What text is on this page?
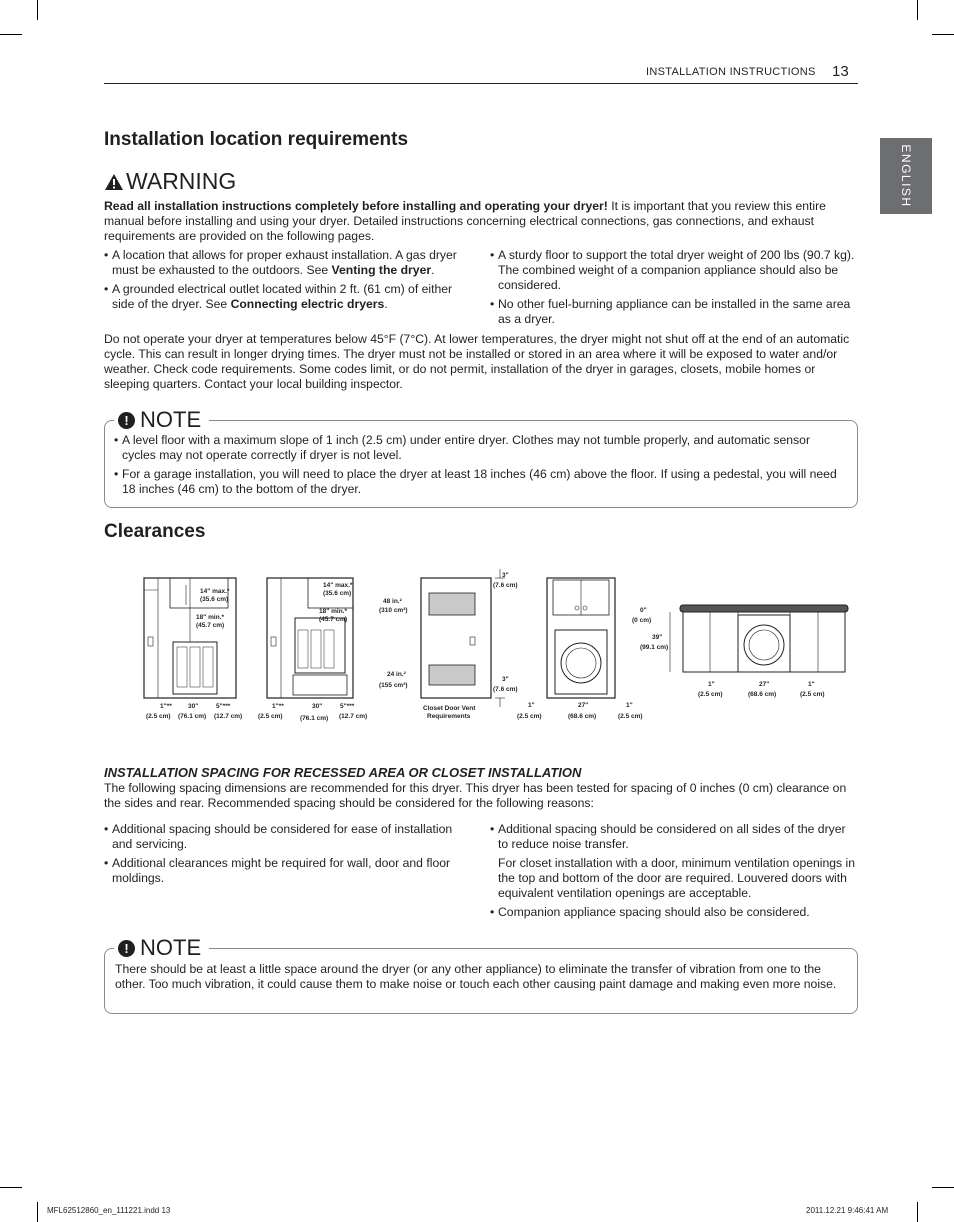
INSTALLATION INSTRUCTIONS 13
ENGLISH
Installation location requirements
WARNING
Read all installation instructions completely before installing and operating your dryer! It is important that you review this entire manual before installing and using your dryer. Detailed instructions concerning electrical connections, gas connections, and exhaust requirements are provided on the following pages.
• A location that allows for proper exhaust installation. A gas dryer must be exhausted to the outdoors. See Venting the dryer.
• A grounded electrical outlet located within 2 ft. (61 cm) of either side of the dryer. See Connecting electric dryers.
• A sturdy floor to support the total dryer weight of 200 lbs (90.7 kg). The combined weight of a companion appliance should also be considered.
• No other fuel-burning appliance can be installed in the same area as a dryer.
Do not operate your dryer at temperatures below 45°F (7°C). At lower temperatures, the dryer might not shut off at the end of an automatic cycle. This can result in longer drying times. The dryer must not be installed or stored in an area where it will be exposed to water and/or weather. Check code requirements. Some codes limit, or do not permit, installation of the dryer in garages, closets, mobile homes or sleeping quarters. Contact your local building inspector.
! NOTE
• A level floor with a maximum slope of 1 inch (2.5 cm) under entire dryer. Clothes may not tumble properly, and automatic sensor cycles may not operate correctly if dryer is not level.
• For a garage installation, you will need to place the dryer at least 18 inches (46 cm) above the floor. If using a pedestal, you will need 18 inches (46 cm) to the bottom of the dryer.
Clearances
14" max.*
(35.6 cm)
18" min.*
(45.7 cm)
1"** 30"	5"***
(2.5 cm) (76.1 cm) (12.7 cm)
14" max.*
(35.6 cm)
18" min.*
(45.7 cm)
1"**	30"	5"***
(2.5 cm)	(76.1 cm) (12.7 cm)
48 in.²
(310 cm²)
24 in.²
(155 cm²)
3"
(7.6 cm)
3"
(7.6 cm)
Closet Door Vent
Requirements
1"	27"	1"
(2.5 cm)	(68.6 cm)	(2.5 cm)
0"
(0 cm)
39"
(99.1 cm)
1"	27"	1"
(2.5 cm)	(68.6 cm)	(2.5 cm)
INSTALLATION SPACING FOR RECESSED AREA OR CLOSET INSTALLATION
The following spacing dimensions are recommended for this dryer. This dryer has been tested for spacing of 0 inches (0 cm) clearance on the sides and rear. Recommended spacing should be considered for the following reasons:
• Additional spacing should be considered for ease of installation and servicing.
• Additional clearances might be required for wall, door and floor moldings.
• Additional spacing should be considered on all sides of the dryer to reduce noise transfer.
For closet installation with a door, minimum ventilation openings in the top and bottom of the door are required. Louvered doors with equivalent ventilation openings are acceptable.
• Companion appliance spacing should also be considered.
! NOTE
There should be at least a little space around the dryer (or any other appliance) to eliminate the transfer of vibration from one to the other. Too much vibration, it could cause them to make noise or touch each other causing paint damage and making even more noise.
MFL62512860_en_111221.indd 13	2011.12.21 9:46:41 AM
